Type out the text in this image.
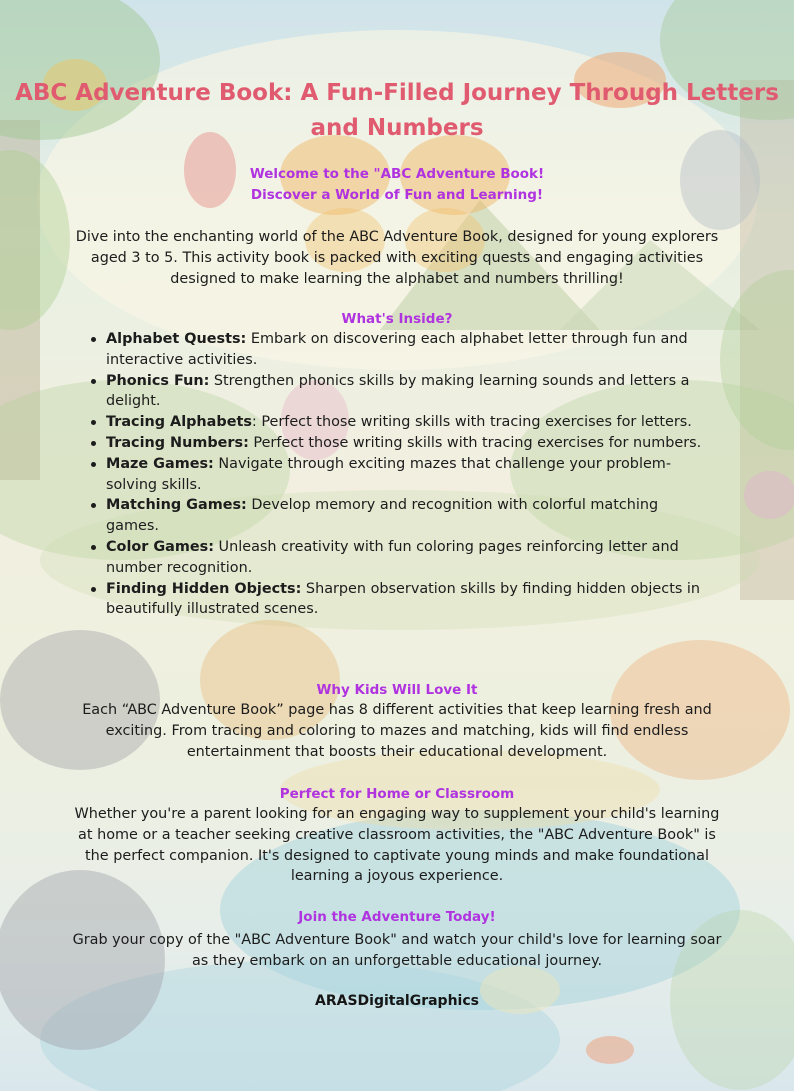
ABC Adventure Book: A Fun-Filled Journey Through Letters and Numbers

Welcome to the "ABC Adventure Book!

Discover a World of Fun and Learning!

Dive into the enchanting world of the ABC Adventure Book, designed for young explorers aged 3 to 5. This activity book is packed with exciting quests and engaging activities designed to make learning the alphabet and numbers thrilling!

What's Inside?

Alphabet Quests: Embark on discovering each alphabet letter through fun and interactive activities.
Phonics Fun: Strengthen phonics skills by making learning sounds and letters a delight.
Tracing Alphabets: Perfect those writing skills with tracing exercises for letters.
Tracing Numbers: Perfect those writing skills with tracing exercises for numbers.
Maze Games: Navigate through exciting mazes that challenge your problem-solving skills.
Matching Games: Develop memory and recognition with colorful matching games.
Color Games: Unleash creativity with fun coloring pages reinforcing letter and number recognition.
Finding Hidden Objects: Sharpen observation skills by finding hidden objects in beautifully illustrated scenes.

Why Kids Will Love It

Each “ABC Adventure Book” page has 8 different activities that keep learning fresh and exciting. From tracing and coloring to mazes and matching, kids will find endless entertainment that boosts their educational development.

Perfect for Home or Classroom

Whether you're a parent looking for an engaging way to supplement your child's learning at home or a teacher seeking creative classroom activities, the "ABC Adventure Book" is the perfect companion. It's designed to captivate young minds and make foundational learning a joyous experience.

Join the Adventure Today!

Grab your copy of the "ABC Adventure Book" and watch your child's love for learning soar as they embark on an unforgettable educational journey.

ARASDigitalGraphics
